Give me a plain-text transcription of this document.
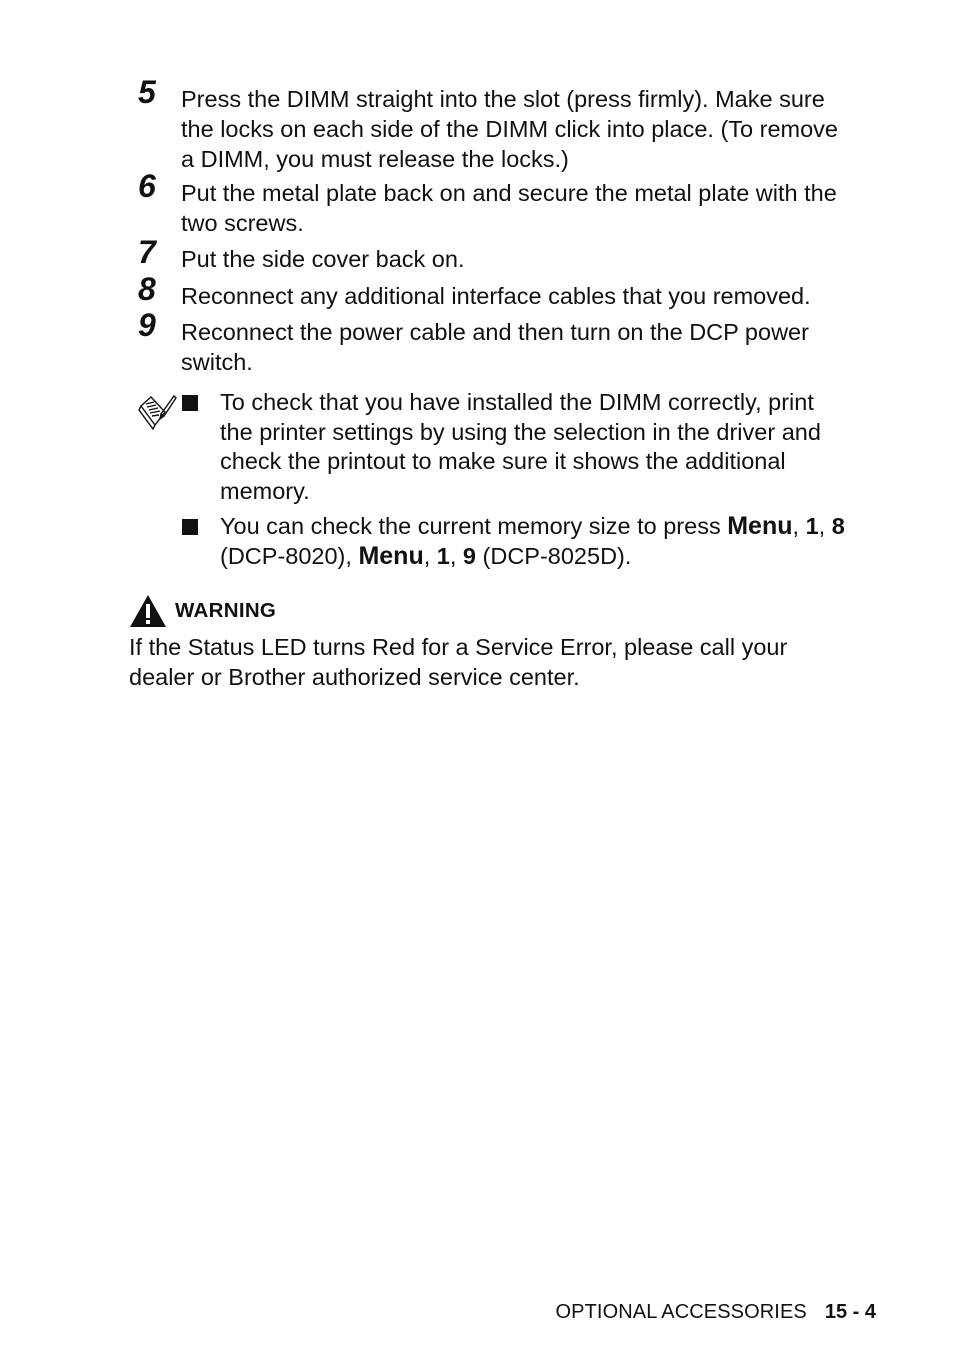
5 Press the DIMM straight into the slot (press firmly). Make sure
the locks on each side of the DIMM click into place. (To remove
a DIMM, you must release the locks.)
6 Put the metal plate back on and secure the metal plate with the
two screws.
7 Put the side cover back on.
8 Reconnect any additional interface cables that you removed.
9 Reconnect the power cable and then turn on the DCP power
switch.
To check that you have installed the DIMM correctly, print
the printer settings by using the selection in the driver and
check the printout to make sure it shows the additional
memory.
You can check the current memory size to press Menu, 1, 8
(DCP-8020), Menu, 1, 9 (DCP-8025D).
WARNING
If the Status LED turns Red for a Service Error, please call your
dealer or Brother authorized service center.
OPTIONAL ACCESSORIES 15 - 4
